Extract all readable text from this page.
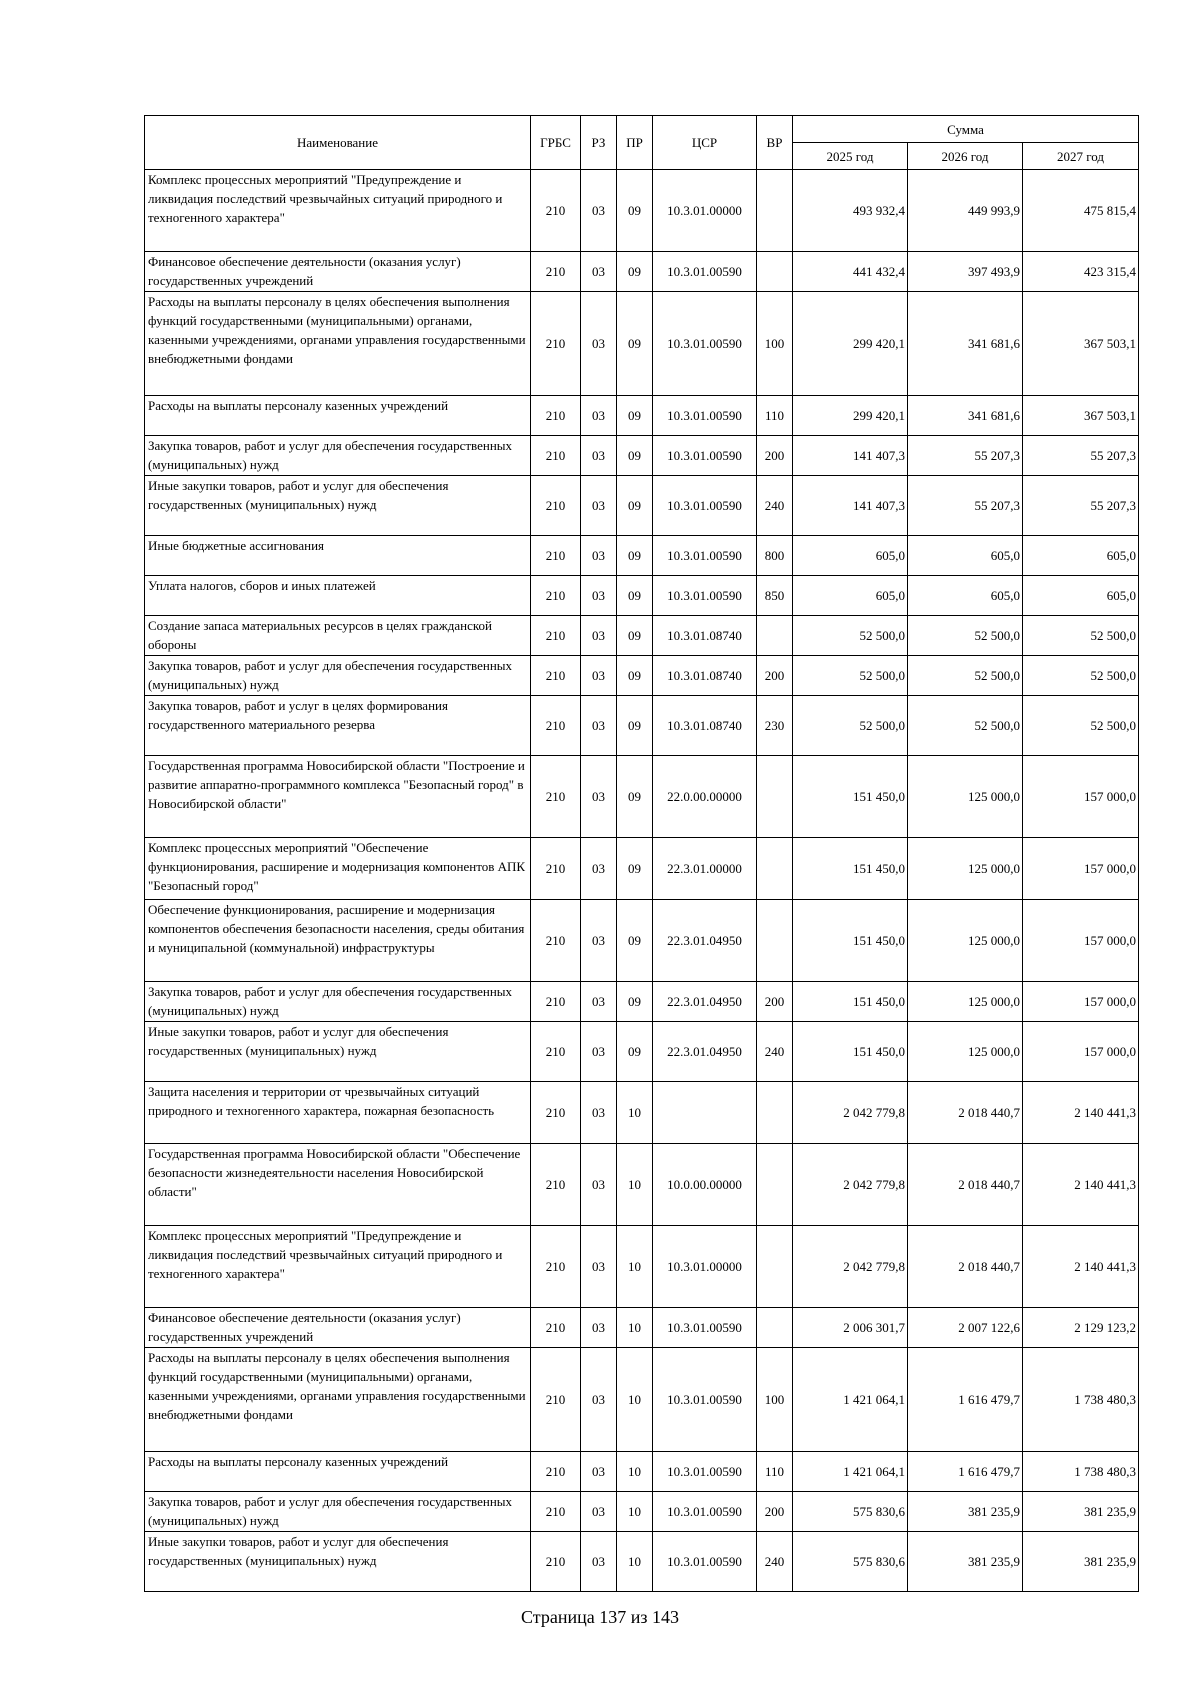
Наименование	ГРБС	РЗ	ПР	ЦСР	ВР	Сумма		
						2025 год	2026 год	2027 год
Комплекс процессных мероприятий "Предупреждение и ликвидация последствий чрезвычайных ситуаций природного и техногенного характера"	210	03	09	10.3.01.00000		493 932,4	449 993,9	475 815,4
Финансовое обеспечение деятельности (оказания услуг) государственных учреждений	210	03	09	10.3.01.00590		441 432,4	397 493,9	423 315,4
Расходы на выплаты персоналу в целях обеспечения выполнения функций государственными (муниципальными) органами, казенными учреждениями, органами управления государственными внебюджетными фондами	210	03	09	10.3.01.00590	100	299 420,1	341 681,6	367 503,1
Расходы на выплаты персоналу казенных учреждений	210	03	09	10.3.01.00590	110	299 420,1	341 681,6	367 503,1
Закупка товаров, работ и услуг для обеспечения государственных (муниципальных) нужд	210	03	09	10.3.01.00590	200	141 407,3	55 207,3	55 207,3
Иные закупки товаров, работ и услуг для обеспечения государственных (муниципальных) нужд	210	03	09	10.3.01.00590	240	141 407,3	55 207,3	55 207,3
Иные бюджетные ассигнования	210	03	09	10.3.01.00590	800	605,0	605,0	605,0
Уплата налогов, сборов и иных платежей	210	03	09	10.3.01.00590	850	605,0	605,0	605,0
Создание запаса материальных ресурсов в целях гражданской обороны	210	03	09	10.3.01.08740		52 500,0	52 500,0	52 500,0
Закупка товаров, работ и услуг для обеспечения государственных (муниципальных) нужд	210	03	09	10.3.01.08740	200	52 500,0	52 500,0	52 500,0
Закупка товаров, работ и услуг в целях формирования государственного материального резерва	210	03	09	10.3.01.08740	230	52 500,0	52 500,0	52 500,0
Государственная программа Новосибирской области "Построение и развитие аппаратно-программного комплекса "Безопасный город" в Новосибирской области"	210	03	09	22.0.00.00000		151 450,0	125 000,0	157 000,0
Комплекс процессных мероприятий "Обеспечение функционирования, расширение и модернизация компонентов АПК "Безопасный город"	210	03	09	22.3.01.00000		151 450,0	125 000,0	157 000,0
Обеспечение функционирования, расширение и модернизация компонентов обеспечения безопасности населения, среды обитания и муниципальной (коммунальной) инфраструктуры	210	03	09	22.3.01.04950		151 450,0	125 000,0	157 000,0
Закупка товаров, работ и услуг для обеспечения государственных (муниципальных) нужд	210	03	09	22.3.01.04950	200	151 450,0	125 000,0	157 000,0
Иные закупки товаров, работ и услуг для обеспечения государственных (муниципальных) нужд	210	03	09	22.3.01.04950	240	151 450,0	125 000,0	157 000,0
Защита населения и территории от чрезвычайных ситуаций природного и техногенного характера, пожарная безопасность	210	03	10			2 042 779,8	2 018 440,7	2 140 441,3
Государственная программа Новосибирской области "Обеспечение безопасности жизнедеятельности населения Новосибирской области"	210	03	10	10.0.00.00000		2 042 779,8	2 018 440,7	2 140 441,3
Комплекс процессных мероприятий "Предупреждение и ликвидация последствий чрезвычайных ситуаций природного и техногенного характера"	210	03	10	10.3.01.00000		2 042 779,8	2 018 440,7	2 140 441,3
Финансовое обеспечение деятельности (оказания услуг) государственных учреждений	210	03	10	10.3.01.00590		2 006 301,7	2 007 122,6	2 129 123,2
Расходы на выплаты персоналу в целях обеспечения выполнения функций государственными (муниципальными) органами, казенными учреждениями, органами управления государственными внебюджетными фондами	210	03	10	10.3.01.00590	100	1 421 064,1	1 616 479,7	1 738 480,3
Расходы на выплаты персоналу казенных учреждений	210	03	10	10.3.01.00590	110	1 421 064,1	1 616 479,7	1 738 480,3
Закупка товаров, работ и услуг для обеспечения государственных (муниципальных) нужд	210	03	10	10.3.01.00590	200	575 830,6	381 235,9	381 235,9
Иные закупки товаров, работ и услуг для обеспечения государственных (муниципальных) нужд	210	03	10	10.3.01.00590	240	575 830,6	381 235,9	381 235,9
Страница 137 из 143
